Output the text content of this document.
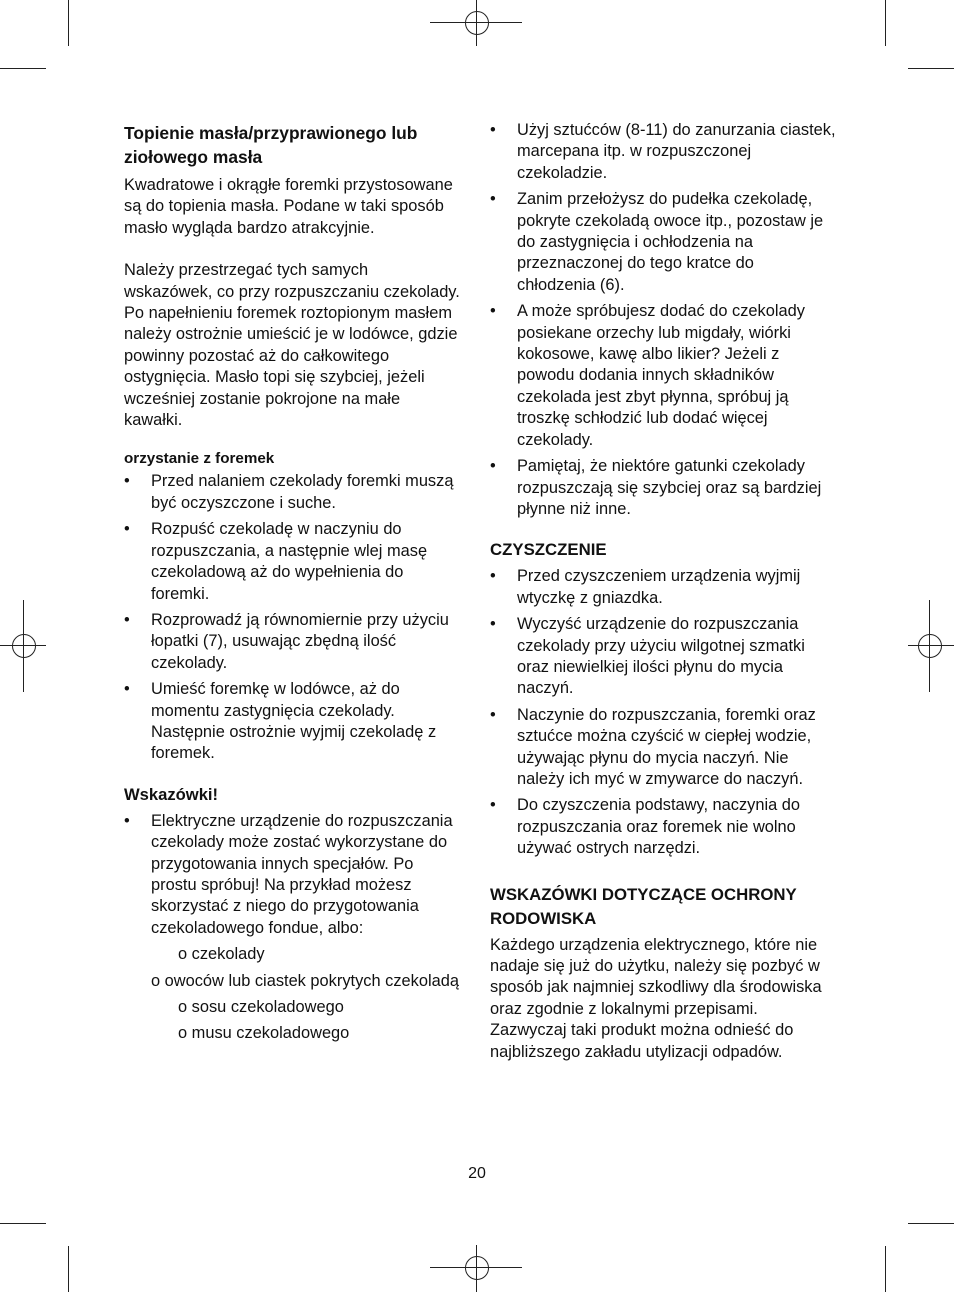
Topienie masła/przyprawionego lub ziołowego masła

Kwadratowe i okrągłe foremki przystosowane są do topienia masła. Podane w taki sposób masło wygląda bardzo atrakcyjnie.

Należy przestrzegać tych samych wskazówek, co przy rozpuszczaniu czekolady. Po napełnieniu foremek roztopionym masłem należy ostrożnie umieścić je w lodówce, gdzie powinny pozostać aż do całkowitego ostygnięcia. Masło topi się szybciej, jeżeli wcześniej zostanie pokrojone na małe kawałki.

orzystanie z foremek
• Przed nalaniem czekolady foremki muszą być oczyszczone i suche.
• Rozpuść czekoladę w naczyniu do rozpuszczania, a następnie wlej masę czekoladową aż do wypełnienia do foremki.
• Rozprowadź ją równomiernie przy użyciu łopatki (7), usuwając zbędną ilość czekolady.
• Umieść foremkę w lodówce, aż do momentu zastygnięcia czekolady. Następnie ostrożnie wyjmij czekoladę z foremek.
Wskazówki!
• Elektryczne urządzenie do rozpuszczania czekolady może zostać wykorzystane do przygotowania innych specjałów. Po prostu spróbuj! Na przykład możesz skorzystać z niego do przygotowania czekoladowego fondue, albo:
o czekolady
o owoców lub ciastek pokrytych czekoladą
o sosu czekoladowego
o musu czekoladowego
• Użyj sztućców (8-11) do zanurzania ciastek, marcepana itp. w rozpuszczonej czekoladzie.
• Zanim przełożysz do pudełka czekoladę, pokryte czekoladą owoce itp., pozostaw je do zastygnięcia i ochłodzenia na przeznaczonej do tego kratce do chłodzenia (6).
• A może spróbujesz dodać do czekolady posiekane orzechy lub migdały, wiórki kokosowe, kawę albo likier? Jeżeli z powodu dodania innych składników czekolada jest zbyt płynna, spróbuj ją troszkę schłodzić lub dodać więcej czekolady.
• Pamiętaj, że niektóre gatunki czekolady rozpuszczają się szybciej oraz są bardziej płynne niż inne.
CZYSZCZENIE
• Przed czyszczeniem urządzenia wyjmij wtyczkę z gniazdka.
• Wyczyść urządzenie do rozpuszczania czekolady przy użyciu wilgotnej szmatki oraz niewielkiej ilości płynu do mycia naczyń.
• Naczynie do rozpuszczania, foremki oraz sztućce można czyścić w ciepłej wodzie, używając płynu do mycia naczyń. Nie należy ich myć w zmywarce do naczyń.
• Do czyszczenia podstawy, naczynia do rozpuszczania oraz foremek nie wolno używać ostrych narzędzi.
WSKAZÓWKI DOTYCZĄCE OCHRONY RODOWISKA

Każdego urządzenia elektrycznego, które nie nadaje się już do użytku, należy się pozbyć w sposób jak najmniej szkodliwy dla środowiska oraz zgodnie z lokalnymi przepisami. Zazwyczaj taki produkt można odnieść do najbliższego zakładu utylizacji odpadów.

20
